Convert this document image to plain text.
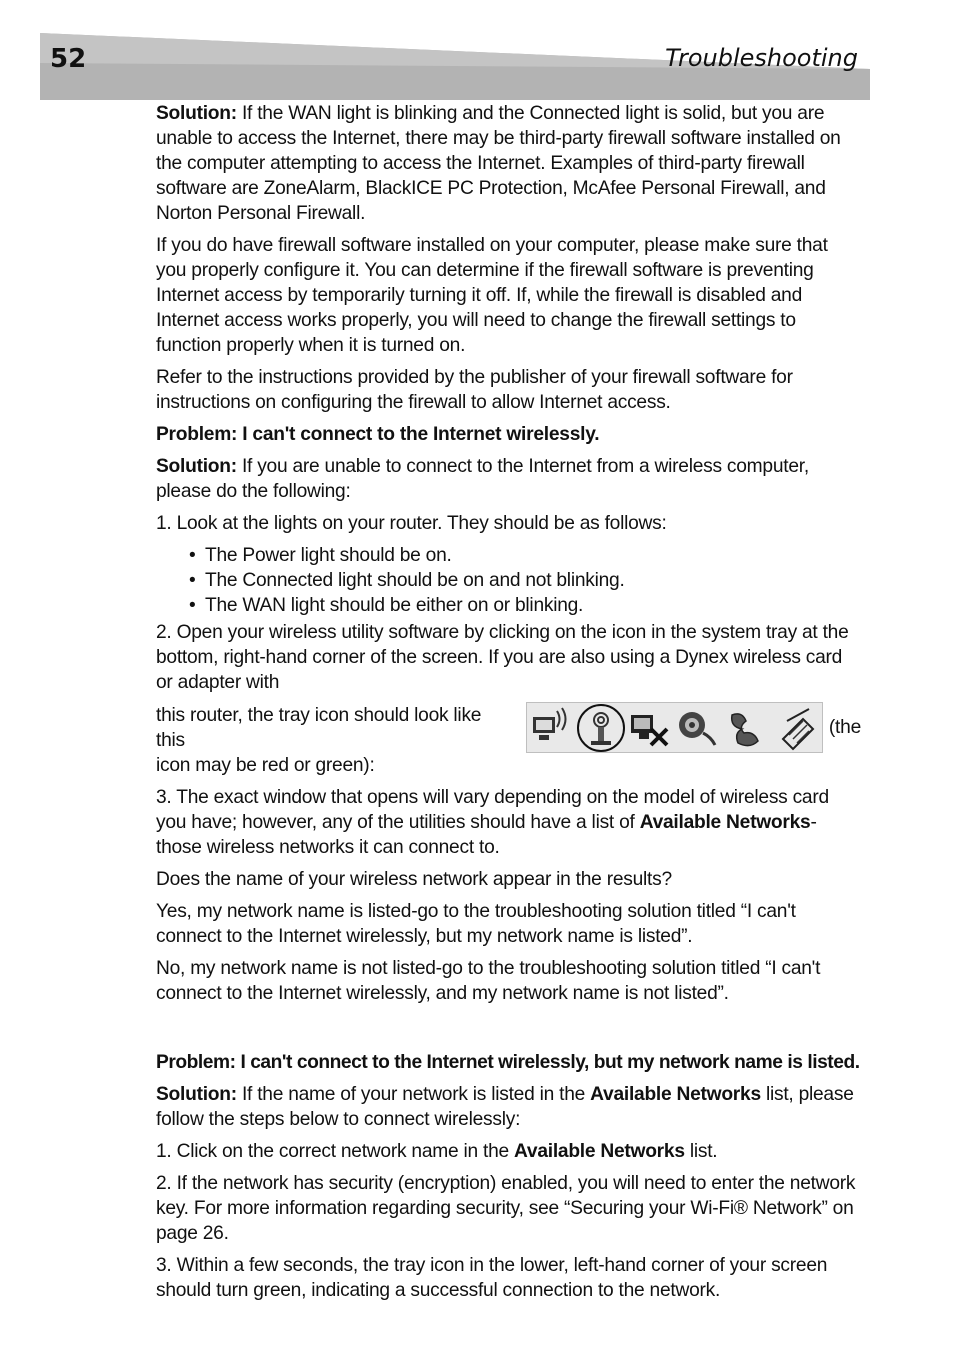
52	Troubleshooting

Solution: If the WAN light is blinking and the Connected light is solid, but you are unable to access the Internet, there may be third-party firewall software installed on the computer attempting to access the Internet. Examples of third-party firewall software are ZoneAlarm, BlackICE PC Protection, McAfee Personal Firewall, and Norton Personal Firewall.

If you do have firewall software installed on your computer, please make sure that you properly configure it. You can determine if the firewall software is preventing Internet access by temporarily turning it off. If, while the firewall is disabled and Internet access works properly, you will need to change the firewall settings to function properly when it is turned on.

Refer to the instructions provided by the publisher of your firewall software for instructions on configuring the firewall to allow Internet access.

Problem: I can't connect to the Internet wirelessly.

Solution: If you are unable to connect to the Internet from a wireless computer, please do the following:

1. Look at the lights on your router. They should be as follows:

• The Power light should be on.
• The Connected light should be on and not blinking.
• The WAN light should be either on or blinking.

2. Open your wireless utility software by clicking on the icon in the system tray at the bottom, right-hand corner of the screen. If you are also using a Dynex wireless card or adapter with

this router, the tray icon should look like this
(the

icon may be red or green):

3. The exact window that opens will vary depending on the model of wireless card you have; however, any of the utilities should have a list of Available Networks-those wireless networks it can connect to.

Does the name of your wireless network appear in the results?

Yes, my network name is listed-go to the troubleshooting solution titled “I can't connect to the Internet wirelessly, but my network name is listed”.

No, my network name is not listed-go to the troubleshooting solution titled “I can't connect to the Internet wirelessly, and my network name is not listed”.

Problem: I can't connect to the Internet wirelessly, but my network name is listed.

Solution: If the name of your network is listed in the Available Networks list, please follow the steps below to connect wirelessly:

1. Click on the correct network name in the Available Networks list.

2. If the network has security (encryption) enabled, you will need to enter the network key. For more information regarding security, see “Securing your Wi-Fi® Network” on page 26.

3. Within a few seconds, the tray icon in the lower, left-hand corner of your screen should turn green, indicating a successful connection to the network.
